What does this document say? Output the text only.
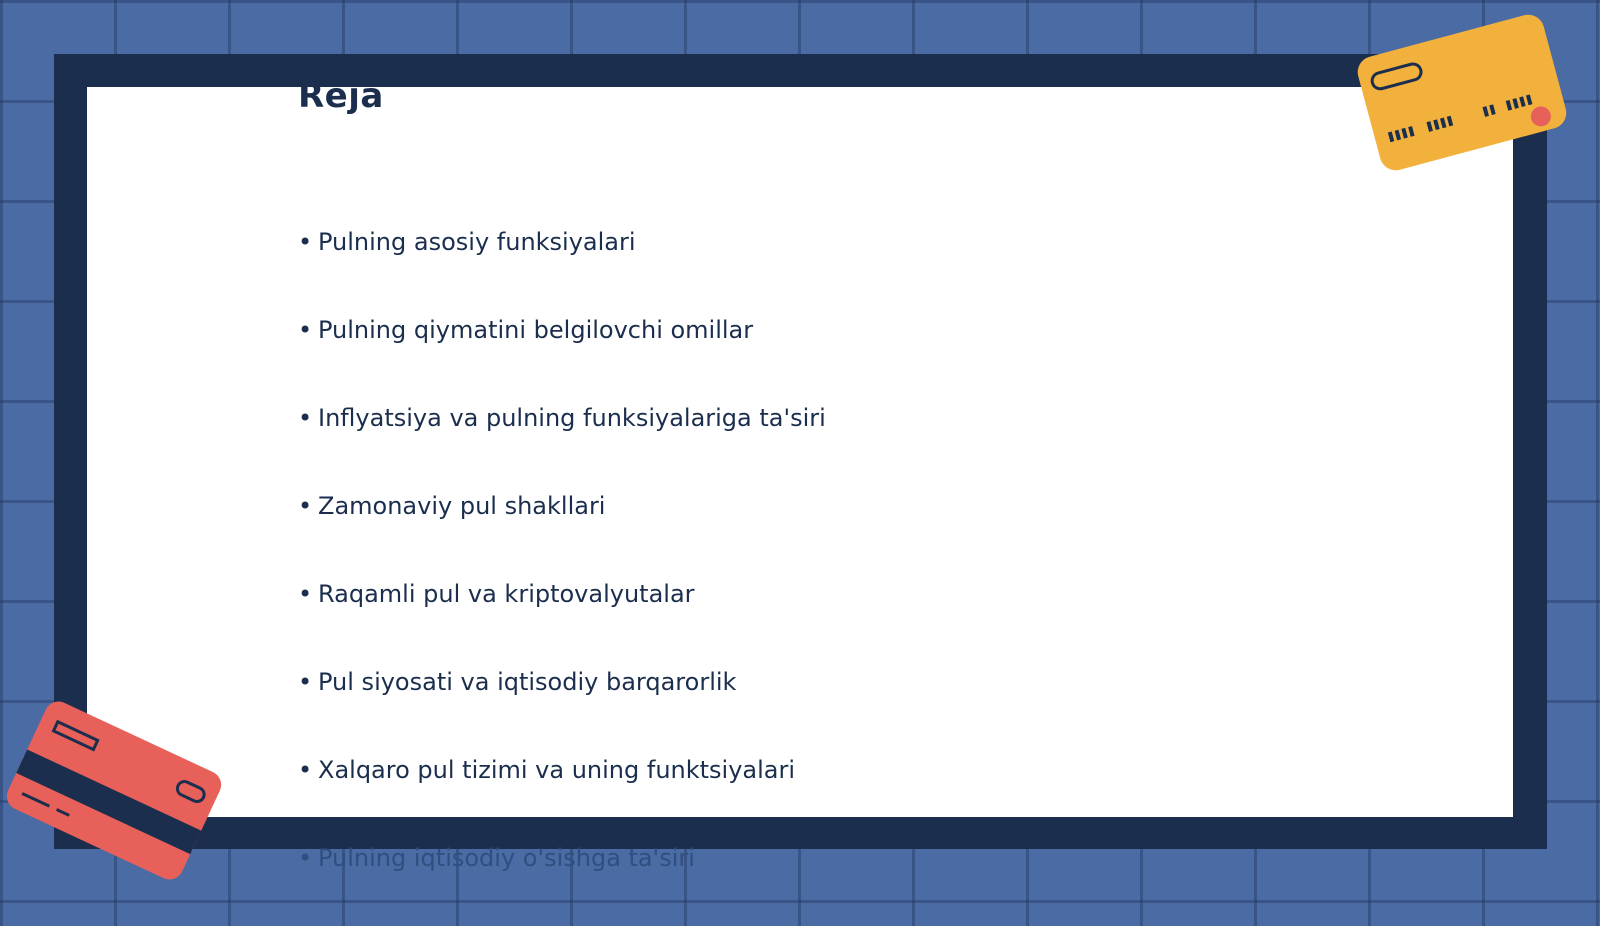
Reja
• Pulning asosiy funksiyalari
• Pulning qiymatini belgilovchi omillar
• Inflyatsiya va pulning funksiyalariga ta'siri
• Zamonaviy pul shakllari
• Raqamli pul va kriptovalyutalar
• Pul siyosati va iqtisodiy barqarorlik
• Xalqaro pul tizimi va uning funktsiyalari
• Pulning iqtisodiy o'sishga ta'siri
